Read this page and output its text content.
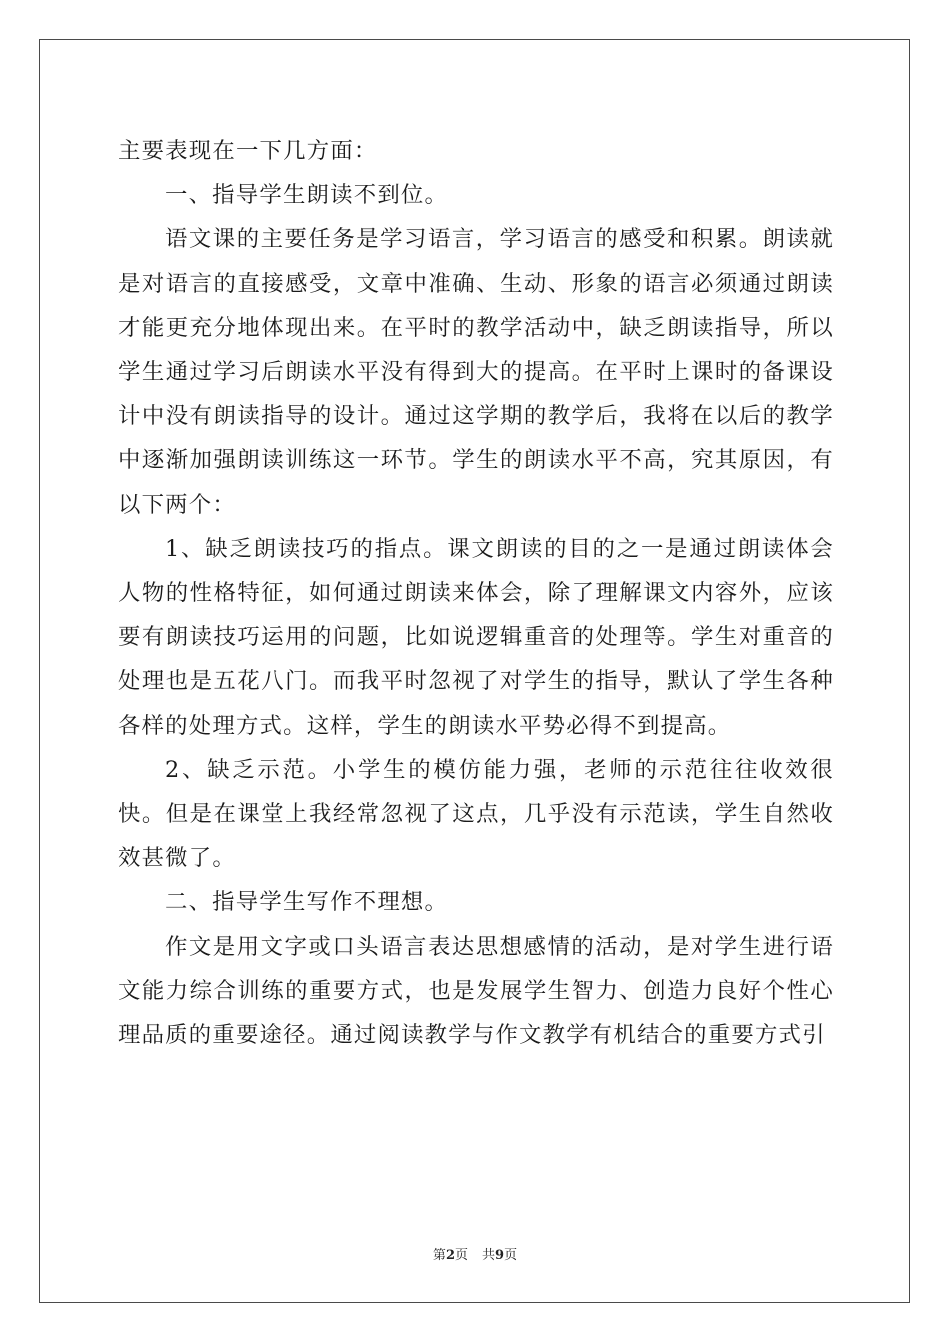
主要表现在一下几方面：

一、指导学生朗读不到位。

语文课的主要任务是学习语言，学习语言的感受和积累。朗读就是对语言的直接感受，文章中准确、生动、形象的语言必须通过朗读才能更充分地体现出来。在平时的教学活动中，缺乏朗读指导，所以学生通过学习后朗读水平没有得到大的提高。在平时上课时的备课设计中没有朗读指导的设计。通过这学期的教学后，我将在以后的教学中逐渐加强朗读训练这一环节。学生的朗读水平不高，究其原因，有以下两个：

1、缺乏朗读技巧的指点。课文朗读的目的之一是通过朗读体会人物的性格特征，如何通过朗读来体会，除了理解课文内容外，应该要有朗读技巧运用的问题，比如说逻辑重音的处理等。学生对重音的处理也是五花八门。而我平时忽视了对学生的指导，默认了学生各种各样的处理方式。这样，学生的朗读水平势必得不到提高。

2、缺乏示范。小学生的模仿能力强，老师的示范往往收效很快。但是在课堂上我经常忽视了这点，几乎没有示范读，学生自然收效甚微了。

二、指导学生写作不理想。

作文是用文字或口头语言表达思想感情的活动，是对学生进行语文能力综合训练的重要方式，也是发展学生智力、创造力良好个性心理品质的重要途径。通过阅读教学与作文教学有机结合的重要方式引

第2页 共9页
